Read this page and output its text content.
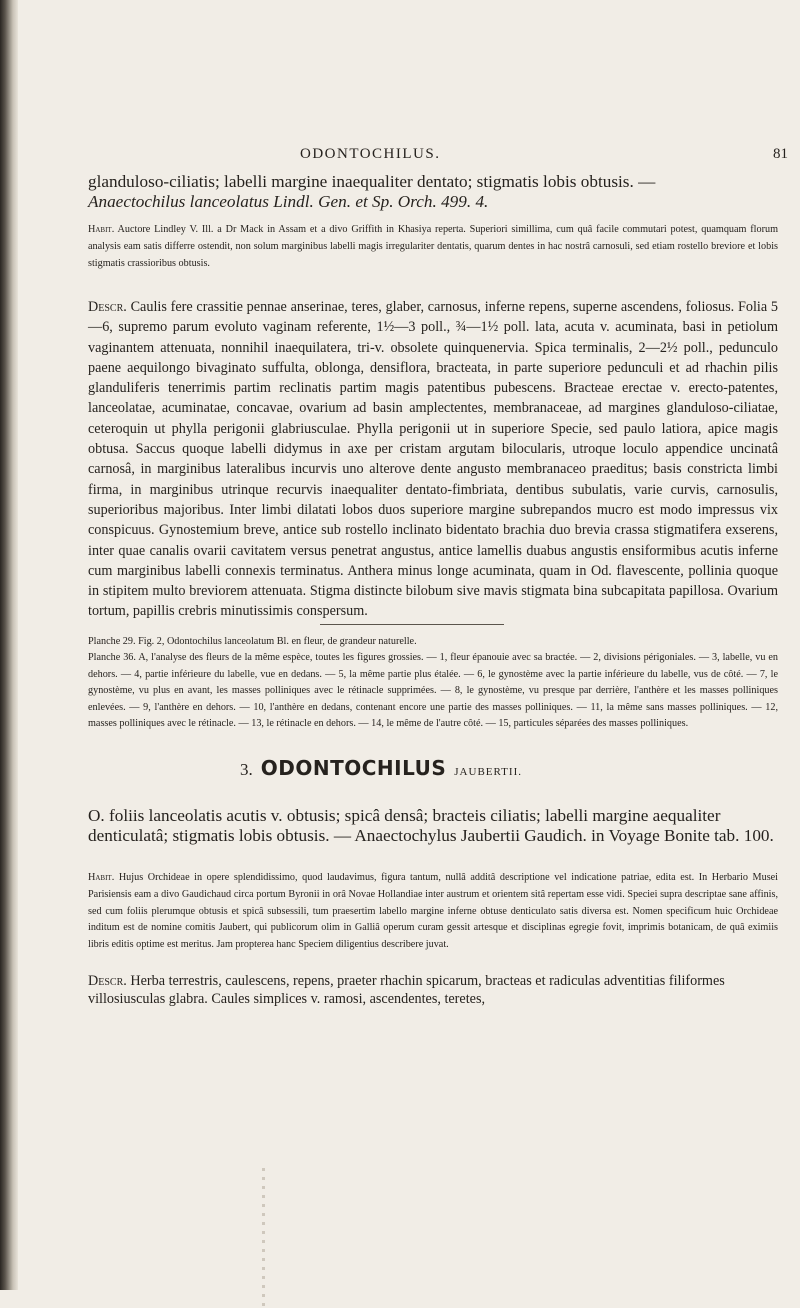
ODONTOCHILUS.	81
glanduloso-ciliatis; labelli margine inaequaliter dentato; stigmatis lobis obtusis. —
Anaectochilus lanceolatus Lindl. Gen. et Sp. Orch. 499. 4.
Habit. Auctore Lindley V. Ill. a Dr Mack in Assam et a divo Griffith in Khasiya reperta. Superiori simillima, cum quâ facile commutari potest, quamquam florum analysis eam satis differre ostendit, non solum marginibus labelli magis irregulariter dentatis, quarum dentes in hac nostrâ carnosuli, sed etiam rostello breviore et lobis stigmatis crassioribus obtusis.
Descr. Caulis fere crassitie pennae anserinae, teres, glaber, carnosus, inferne repens, superne ascendens, foliosus. Folia 5—6, supremo parum evoluto vaginam referente, 1½—3 poll., ¾—1½ poll. lata, acuta v. acuminata, basi in petiolum vaginantem attenuata, nonnihil inaequilatera, tri-v. obsolete quinquenervia. Spica terminalis, 2—2½ poll., pedunculo paene aequilongo bivaginato suffulta, oblonga, densiflora, bracteata, in parte superiore pedunculi et ad rhachin pilis glanduliferis tenerrimis partim reclinatis partim magis patentibus pubescens. Bracteae erectae v. erecto-patentes, lanceolatae, acuminatae, concavae, ovarium ad basin amplectentes, membranaceae, ad margines glanduloso-ciliatae, ceteroquin ut phylla perigonii glabriusculae. Phylla perigonii ut in superiore Specie, sed paulo latiora, apice magis obtusa. Saccus quoque labelli didymus in axe per cristam argutam bilocularis, utroque loculo appendice uncinatâ carnosâ, in marginibus lateralibus incurvis uno alterove dente angusto membranaceo praeditus; basis constricta limbi firma, in marginibus utrinque recurvis inaequaliter dentato-fimbriata, dentibus subulatis, varie curvis, carnosulis, superioribus majoribus. Inter limbi dilatati lobos duos superiore margine subrepandos mucro est modo impressus vix conspicuus. Gynostemium breve, antice sub rostello inclinato bidentato brachia duo brevia crassa stigmatifera exserens, inter quae canalis ovarii cavitatem versus penetrat angustus, antice lamellis duabus angustis ensiformibus acutis inferne cum marginibus labelli connexis terminatus. Anthera minus longe acuminata, quam in Od. flavescente, pollinia quoque in stipitem multo breviorem attenuata. Stigma distincte bilobum sive mavis stigmata bina subcapitata papillosa. Ovarium tortum, papillis crebris minutissimis conspersum.
Planche 29. Fig. 2, Odontochilus lanceolatum Bl. en fleur, de grandeur naturelle.
Planche 36. A, l'analyse des fleurs de la même espèce, toutes les figures grossies. — 1, fleur épanouie avec sa bractée. — 2, divisions périgoniales. — 3, labelle, vu en dehors. — 4, partie inférieure du labelle, vue en dedans. — 5, la même partie plus étalée. — 6, le gynostème avec la partie inférieure du labelle, vus de côté. — 7, le gynostème, vu plus en avant, les masses polliniques avec le rétinacle supprimées. — 8, le gynostème, vu presque par derrière, l'anthère et les masses polliniques enlevées. — 9, l'anthère en dehors. — 10, l'anthère en dedans, contenant encore une partie des masses polliniques. — 11, la même sans masses polliniques. — 12, masses polliniques avec le rétinacle. — 13, le rétinacle en dehors. — 14, le même de l'autre côté. — 15, particules séparées des masses polliniques.
3. ODONTOCHILUS JAUBERTII.
O. foliis lanceolatis acutis v. obtusis; spicâ densâ; bracteis ciliatis; labelli margine aequaliter denticulatâ; stigmatis lobis obtusis. — Anaectochylus Jaubertii Gaudich. in Voyage Bonite tab. 100.
Habit. Hujus Orchideae in opere splendidissimo, quod laudavimus, figura tantum, nullâ additâ descriptione vel indicatione patriae, edita est. In Herbario Musei Parisiensis eam a divo Gaudichaud circa portum Byronii in orâ Novae Hollandiae inter austrum et orientem sitâ repertam esse vidi. Speciei supra descriptae sane affinis, sed cum foliis plerumque obtusis et spicâ subsessili, tum praesertim labello margine inferne obtuse denticulato satis diversa est. Nomen specificum huic Orchideae inditum est de nomine comitis Jaubert, qui publicorum olim in Galliâ operum curam gessit artesque et disciplinas egregie fovit, imprimis botanicam, de quâ eximiis libris editis optime est meritus. Jam propterea hanc Speciem diligentius describere juvat.
Descr. Herba terrestris, caulescens, repens, praeter rhachin spicarum, bracteas et radiculas adventitias filiformes villosiusculas glabra. Caules simplices v. ramosi, ascendentes, teretes,
